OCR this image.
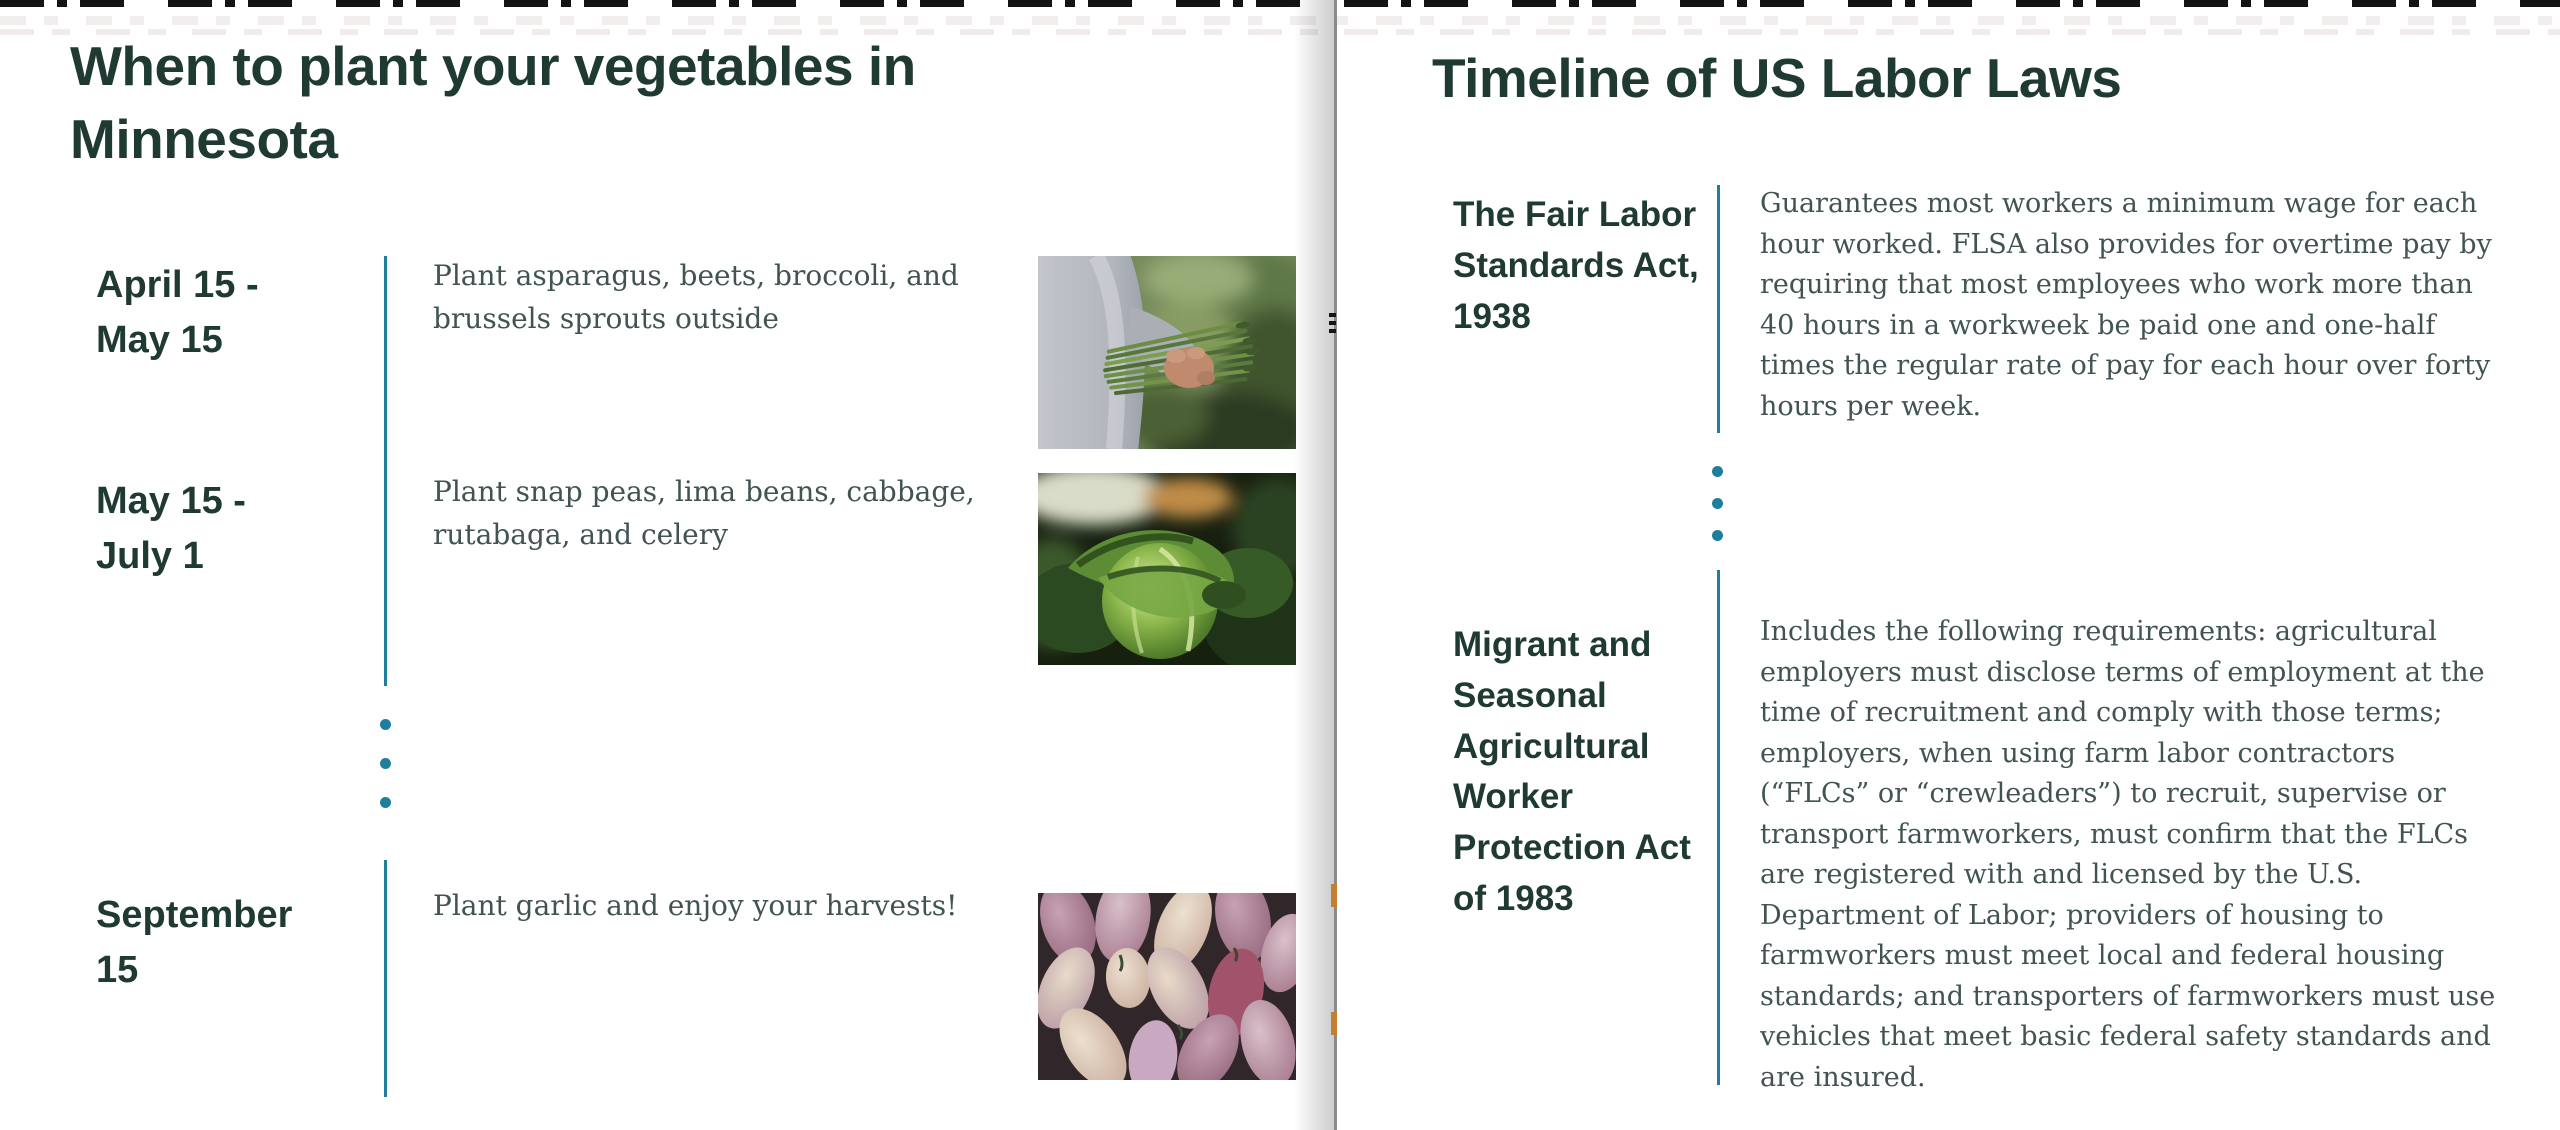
When to plant your vegetables in Minnesota
April 15 - May 15
Plant asparagus, beets, broccoli, and brussels sprouts outside
May 15 - July 1
Plant snap peas, lima beans, cabbage, rutabaga, and celery
September 15
Plant garlic and enjoy your harvests!
Timeline of US Labor Laws
The Fair Labor Standards Act, 1938
Guarantees most workers a minimum wage for each hour worked. FLSA also provides for overtime pay by requiring that most employees who work more than 40 hours in a workweek be paid one and one-half times the regular rate of pay for each hour over forty hours per week.
Migrant and Seasonal Agricultural Worker Protection Act of 1983
Includes the following requirements: agricultural employers must disclose terms of employment at the time of recruitment and comply with those terms; employers, when using farm labor contractors (“FLCs” or “crewleaders”) to recruit, supervise or transport farmworkers, must confirm that the FLCs are registered with and licensed by the U.S. Department of Labor; providers of housing to farmworkers must meet local and federal housing standards; and transporters of farmworkers must use vehicles that meet basic federal safety standards and are insured.
